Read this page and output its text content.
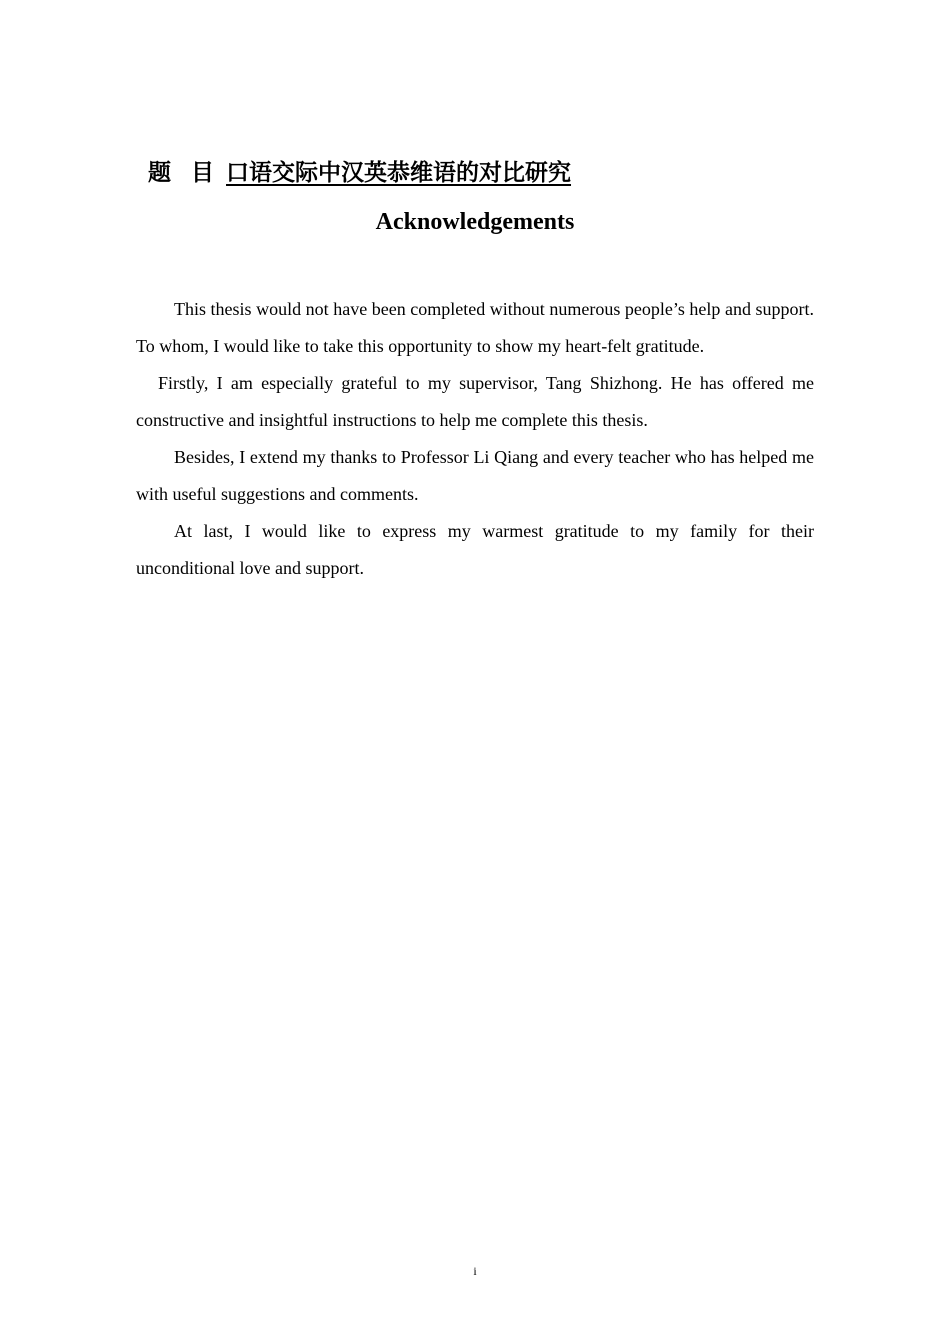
题目 口语交际中汉英恭维语的对比研究
Acknowledgements

This thesis would not have been completed without numerous people’s help and support. To whom, I would like to take this opportunity to show my heart-felt gratitude.

Firstly, I am especially grateful to my supervisor, Tang Shizhong. He has offered me constructive and insightful instructions to help me complete this thesis.

Besides, I extend my thanks to Professor Li Qiang and every teacher who has helped me with useful suggestions and comments.

At last, I would like to express my warmest gratitude to my family for their unconditional love and support.

i
